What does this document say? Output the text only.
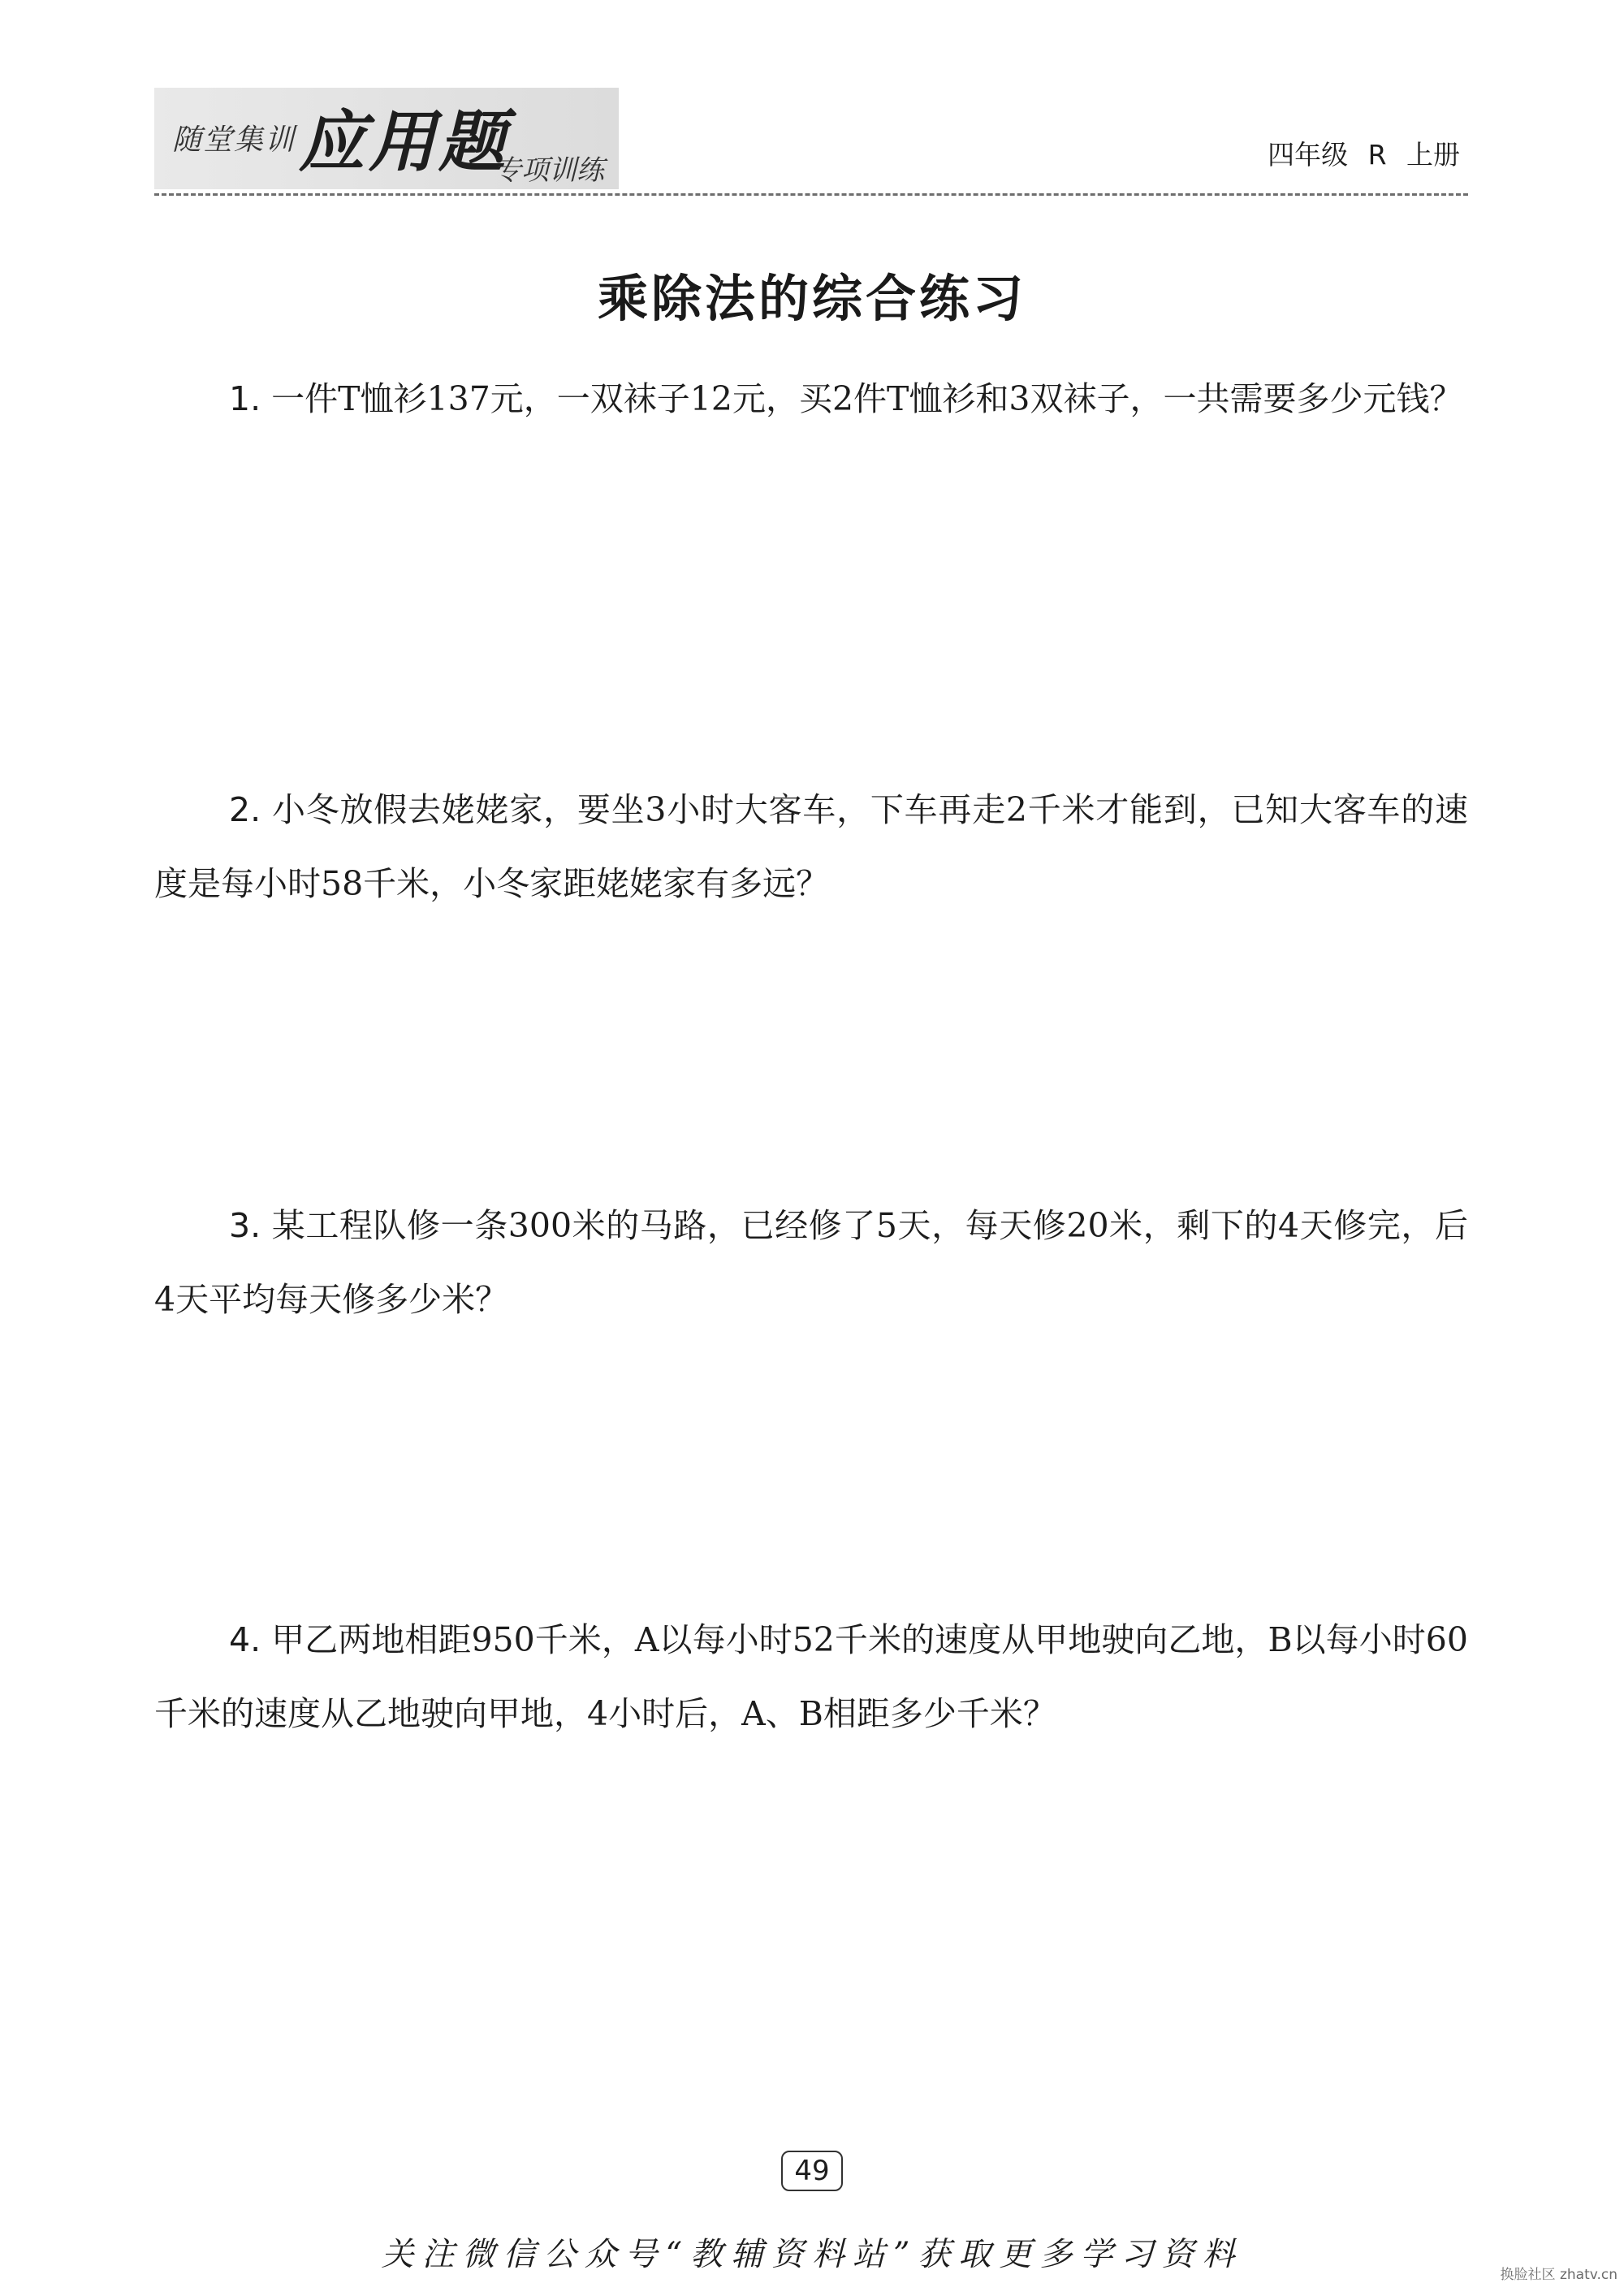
随堂集训 应用题
专项训练	四年级 R 上册
乘除法的综合练习

1. 一件T恤衫137元，一双袜子12元，买2件T恤衫和3双袜子，一共需要多少元钱？

2. 小冬放假去姥姥家，要坐3小时大客车，下车再走2千米才能到，已知大客车的速度是每小时58千米，小冬家距姥姥家有多远？

3. 某工程队修一条300米的马路，已经修了5天，每天修20米，剩下的4天修完，后4天平均每天修多少米？

4. 甲乙两地相距950千米，A以每小时52千米的速度从甲地驶向乙地，B以每小时60千米的速度从乙地驶向甲地，4小时后，A、B相距多少千米？

49
关注微信公众号“教辅资料站”获取更多学习资料
换脸社区 zhatv.cn
